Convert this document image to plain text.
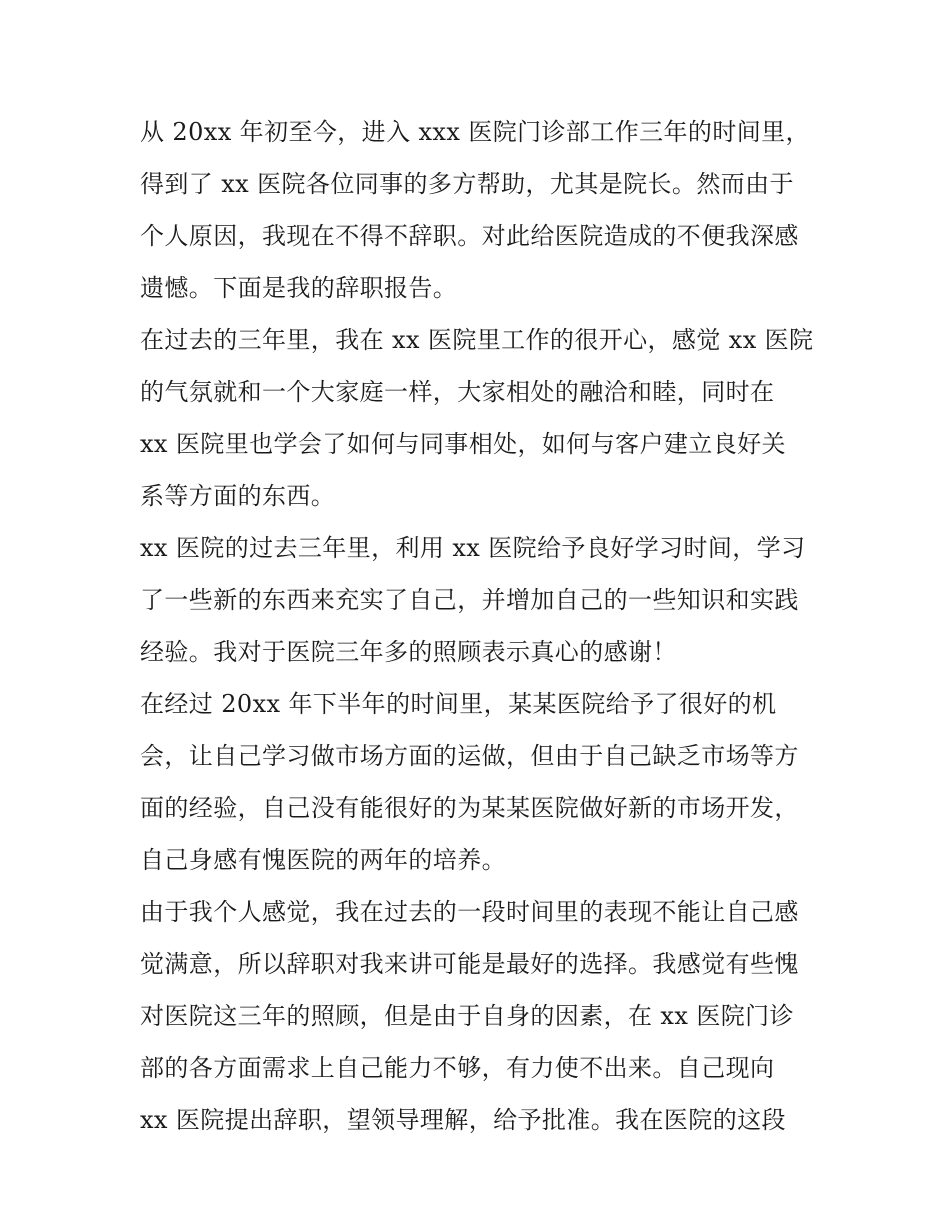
从 20xx 年初至今，进入 xxx 医院门诊部工作三年的时间里，
得到了 xx 医院各位同事的多方帮助，尤其是院长。然而由于
个人原因，我现在不得不辞职。对此给医院造成的不便我深感
遗憾。下面是我的辞职报告。
在过去的三年里，我在 xx 医院里工作的很开心，感觉 xx 医院
的气氛就和一个大家庭一样，大家相处的融洽和睦，同时在
xx 医院里也学会了如何与同事相处，如何与客户建立良好关
系等方面的东西。
xx 医院的过去三年里，利用 xx 医院给予良好学习时间，学习
了一些新的东西来充实了自己，并增加自己的一些知识和实践
经验。我对于医院三年多的照顾表示真心的感谢！
在经过 20xx 年下半年的时间里，某某医院给予了很好的机
会，让自己学习做市场方面的运做，但由于自己缺乏市场等方
面的经验，自己没有能很好的为某某医院做好新的市场开发，
自己身感有愧医院的两年的培养。
由于我个人感觉，我在过去的一段时间里的表现不能让自己感
觉满意，所以辞职对我来讲可能是最好的选择。我感觉有些愧
对医院这三年的照顾，但是由于自身的因素，在 xx 医院门诊
部的各方面需求上自己能力不够，有力使不出来。自己现向
xx 医院提出辞职，望领导理解，给予批准。我在医院的这段
